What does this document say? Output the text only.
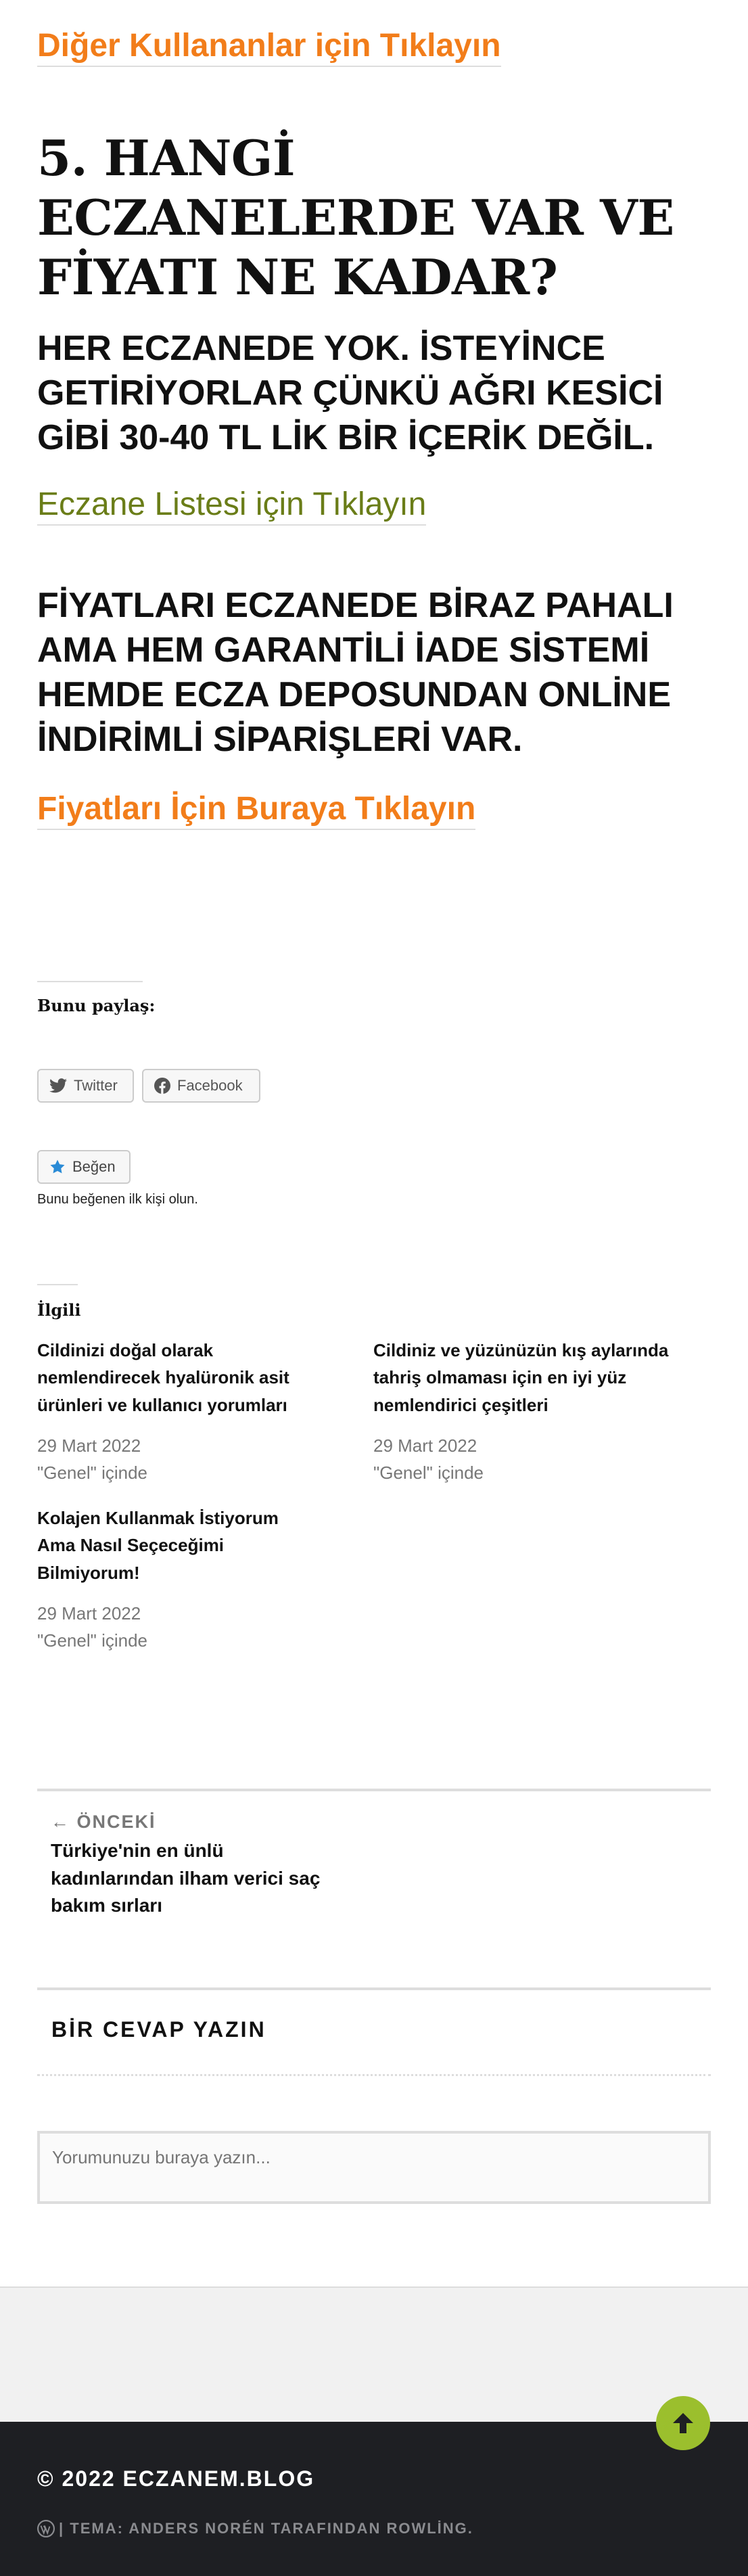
Diğer Kullananlar için Tıklayın
5. HANGİ ECZANELERDE VAR VE FİYATI NE KADAR?
HER ECZANEDE YOK. İSTEYİNCE GETİRİYORLAR ÇÜNKÜ AĞRI KESİCİ GİBİ 30-40 TL LİK BİR İÇERİK DEĞİL.
Eczane Listesi için Tıklayın
FİYATLARI ECZANEDE BİRAZ PAHALI AMA HEM GARANTİLİ İADE SİSTEMİ HEMDE ECZA DEPOSUNDAN ONLİNE İNDİRİMLİ SİPARİŞLERİ VAR.
Fiyatları İçin Buraya Tıklayın
Bunu paylaş:
Twitter	Facebook
Beğen
Bunu beğenen ilk kişi olun.
İlgili
Cildinizi doğal olarak nemlendirecek hyalüronik asit ürünleri ve kullanıcı yorumları
29 Mart 2022
"Genel" içinde
Cildiniz ve yüzünüzün kış aylarında tahriş olmaması için en iyi yüz nemlendirici çeşitleri
29 Mart 2022
"Genel" içinde
Kolajen Kullanmak İstiyorum Ama Nasıl Seçeceğimi Bilmiyorum!
29 Mart 2022
"Genel" içinde
← ÖNCEKİ
Türkiye'nin en ünlü kadınlarından ilham verici saç bakım sırları
BİR CEVAP YAZIN
Yorumunuzu buraya yazın...
© 2022 ECZANEM.BLOG
| TEMA: ANDERS NORÉN TARAFINDAN ROWLİNG.
